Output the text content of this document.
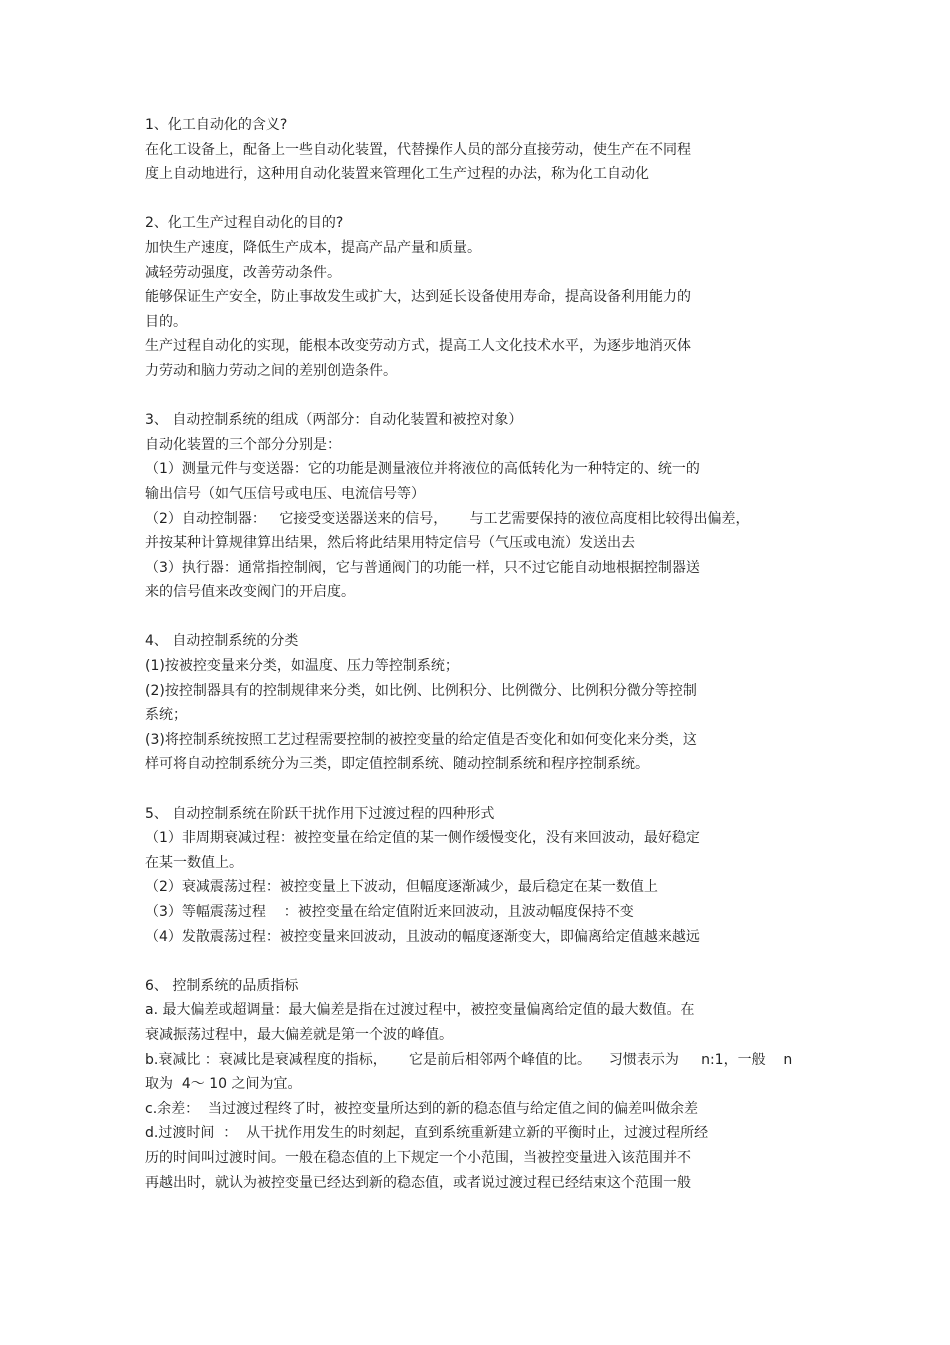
1、化工自动化的含义?
在化工设备上，配备上一些自动化装置，代替操作人员的部分直接劳动，使生产在不同程
度上自动地进行，这种用自动化装置来管理化工生产过程的办法，称为化工自动化
2、化工生产过程自动化的目的?
加快生产速度，降低生产成本，提高产品产量和质量。
减轻劳动强度，改善劳动条件。
能够保证生产安全，防止事故发生或扩大，达到延长设备使用寿命，提高设备利用能力的
目的。
生产过程自动化的实现，能根本改变劳动方式，提高工人文化技术水平，为逐步地消灭体
力劳动和脑力劳动之间的差别创造条件。
3、 自动控制系统的组成（两部分：自动化装置和被控对象）
自动化装置的三个部分分别是：
（1）测量元件与变送器：它的功能是测量液位并将液位的高低转化为一种特定的、统一的
输出信号（如气压信号或电压、电流信号等）
（2）自动控制器：   它接受变送器送来的信号，     与工艺需要保持的液位高度相比较得出偏差，
并按某种计算规律算出结果，然后将此结果用特定信号（气压或电流）发送出去
（3）执行器：通常指控制阀，它与普通阀门的功能一样，只不过它能自动地根据控制器送
来的信号值来改变阀门的开启度。
4、 自动控制系统的分类
(1)按被控变量来分类，如温度、压力等控制系统；
(2)按控制器具有的控制规律来分类，如比例、比例积分、比例微分、比例积分微分等控制
系统；
(3)将控制系统按照工艺过程需要控制的被控变量的给定值是否变化和如何变化来分类，这
样可将自动控制系统分为三类，即定值控制系统、随动控制系统和程序控制系统。
5、 自动控制系统在阶跃干扰作用下过渡过程的四种形式
（1）非周期衰减过程：被控变量在给定值的某一侧作缓慢变化，没有来回波动，最好稳定
在某一数值上。
（2）衰减震荡过程：被控变量上下波动，但幅度逐渐减少，最后稳定在某一数值上
（3）等幅震荡过程    ：被控变量在给定值附近来回波动，且波动幅度保持不变
（4）发散震荡过程：被控变量来回波动，且波动的幅度逐渐变大，即偏离给定值越来越远
6、 控制系统的品质指标
a. 最大偏差或超调量：最大偏差是指在过渡过程中，被控变量偏离给定值的最大数值。在
衰减振荡过程中，最大偏差就是第一个波的峰值。
b.衰减比 ：衰减比是衰减程度的指标，     它是前后相邻两个峰值的比。    习惯表示为     n:1，一般    n
取为  4～ 10 之间为宜。
c.余差：  当过渡过程终了时，被控变量所达到的新的稳态值与给定值之间的偏差叫做余差
d.过渡时间  ：  从干扰作用发生的时刻起，直到系统重新建立新的平衡时止，过渡过程所经
历的时间叫过渡时间。一般在稳态值的上下规定一个小范围，当被控变量进入该范围并不
再越出时，就认为被控变量已经达到新的稳态值，或者说过渡过程已经结束这个范围一般
